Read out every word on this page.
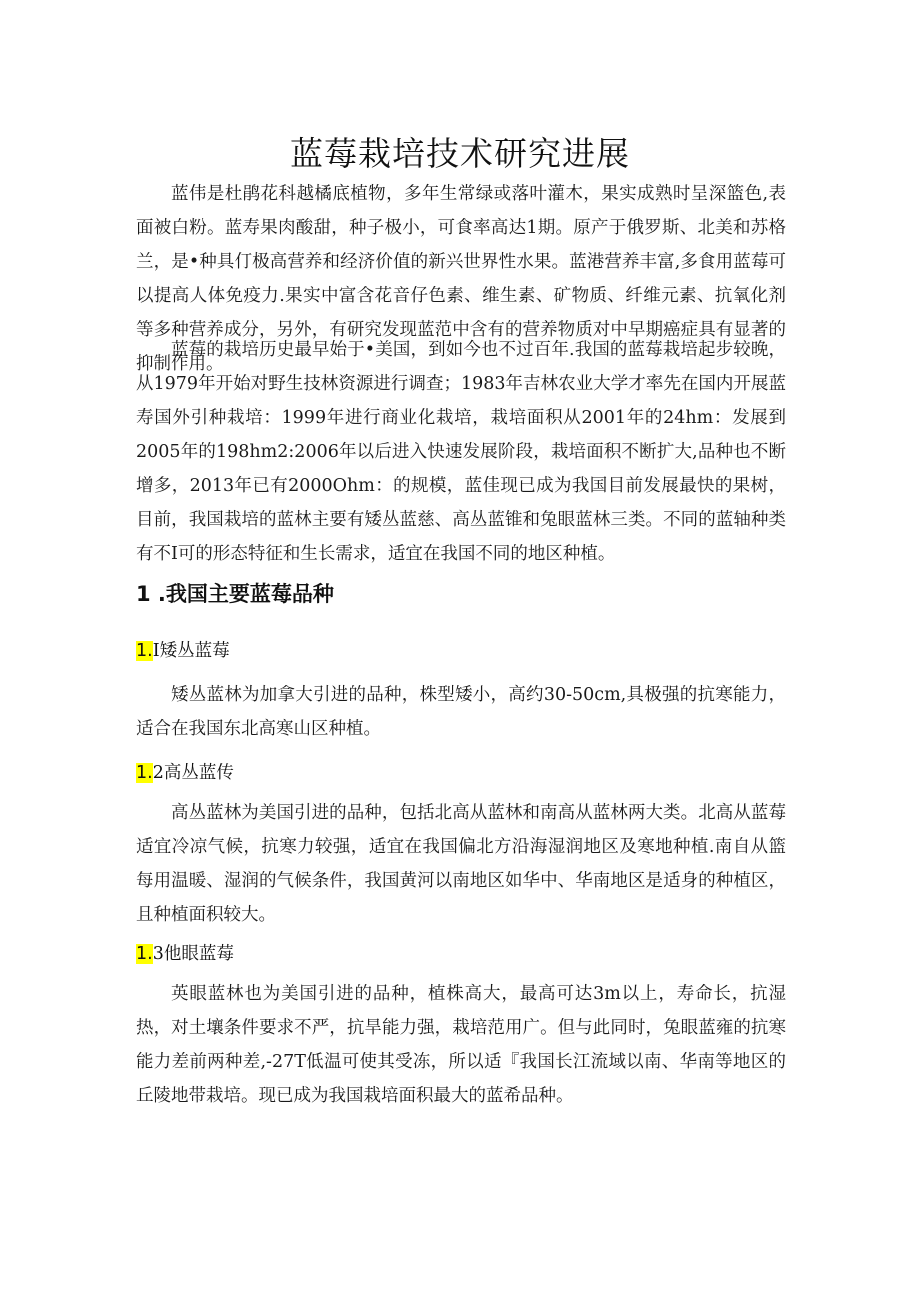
蓝莓栽培技术研究进展

蓝伟是杜鹃花科越橘底植物，多年生常绿或落叶灌木，果实成熟时呈深篮色,表面被白粉。蓝寿果肉酸甜，种子极小，可食率高达1期。原产于俄罗斯、北美和苏格兰，是•种具仃极高营养和经济价值的新兴世界性水果。蓝港营养丰富,多食用蓝莓可以提高人体免疫力.果实中富含花音仔色素、维生素、矿物质、纤维元素、抗氧化剂等多种营养成分，另外，有研究发现蓝范中含有的营养物质对中早期癌症具有显著的抑制作用。

蓝莓的栽培历史最早始于•美国，到如今也不过百年.我国的蓝莓栽培起步较晚，从1979年开始对野生技林资源进行调查；1983年吉林农业大学才率先在国内开展蓝寿国外引种栽培：1999年进行商业化栽培，栽培面积从2001年的24hm：发展到2005年的198hm2:2006年以后进入快速发展阶段，栽培面积不断扩大,品种也不断增多，2013年已有2000Ohm：的规模，蓝佳现已成为我国目前发展最快的果树，目前，我国栽培的蓝林主要有矮丛蓝慈、高丛蓝锥和兔眼蓝林三类。不同的蓝轴种类有不I可的形态特征和生长需求，适宜在我国不同的地区种植。

1 .我国主要蓝莓品种
1.I矮丛蓝莓

矮丛蓝林为加拿大引进的品种，株型矮小，高约30-50cm,具极强的抗寒能力，适合在我国东北高寒山区种植。

1.2高丛蓝传

高丛蓝林为美国引进的品种，包括北高从蓝林和南高从蓝林两大类。北高从蓝莓适宜冷凉气候，抗寒力较强，适宜在我国偏北方沿海湿润地区及寒地种植.南自从篮每用温暖、湿润的气候条件，我国黄河以南地区如华中、华南地区是适身的种植区，且种植面积较大。

1.3他眼蓝莓

英眼蓝林也为美国引进的品种，植株高大，最高可达3m以上，寿命长，抗湿热，对土壤条件要求不严，抗旱能力强，栽培范用广。但与此同时，兔眼蓝雍的抗寒能力差前两种差,-27T低温可使其受冻，所以适『我国长江流域以南、华南等地区的丘陵地带栽培。现已成为我国栽培面积最大的蓝希品种。
